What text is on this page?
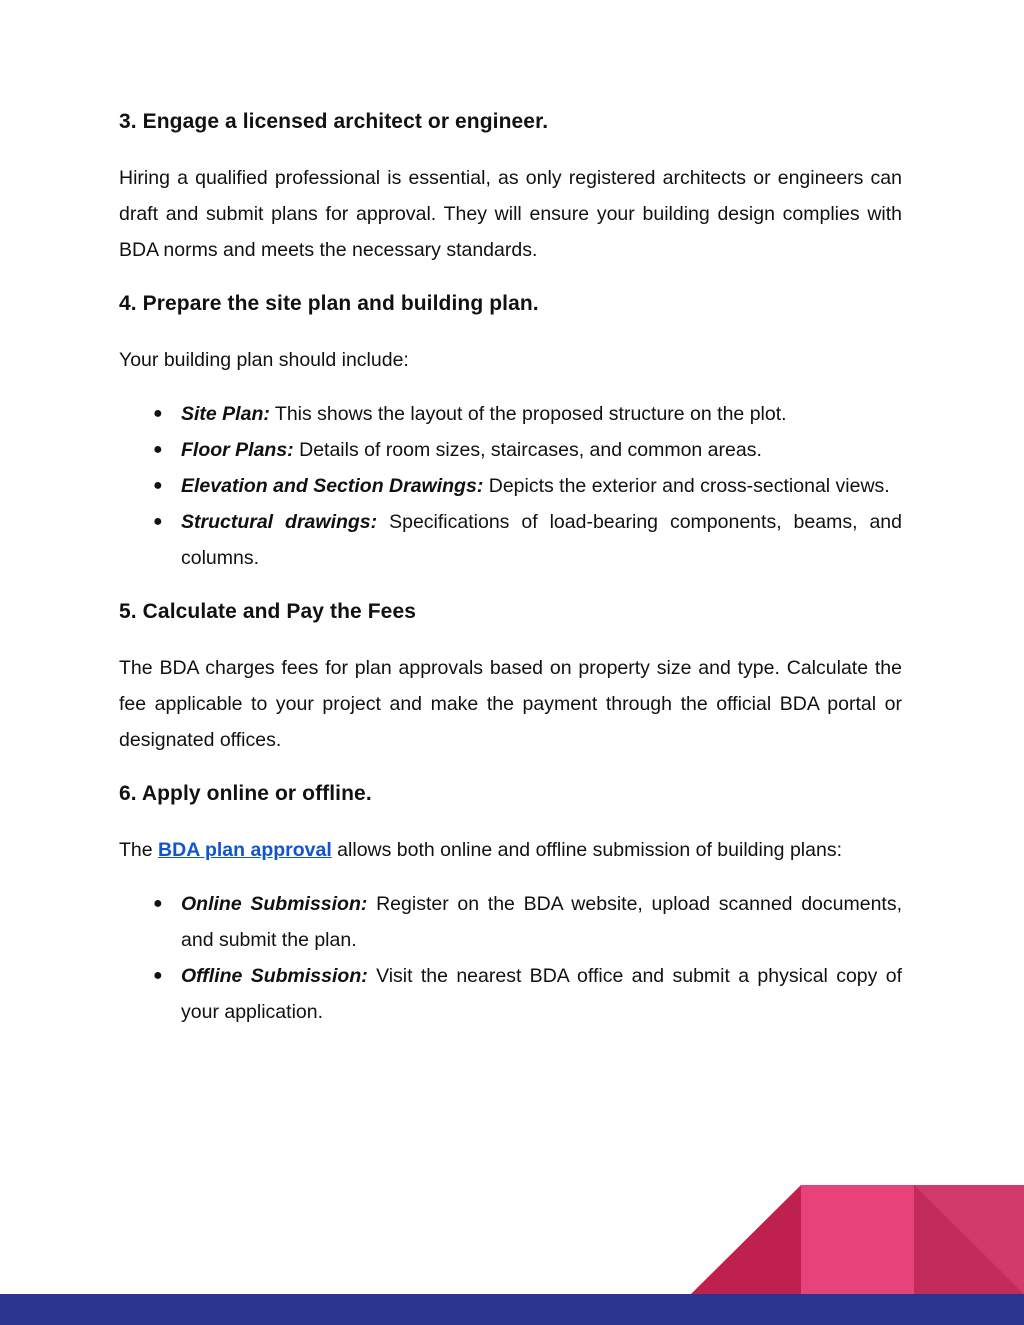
3. Engage a licensed architect or engineer.

Hiring a qualified professional is essential, as only registered architects or engineers can draft and submit plans for approval. They will ensure your building design complies with BDA norms and meets the necessary standards.

4. Prepare the site plan and building plan.

Your building plan should include:

● Site Plan: This shows the layout of the proposed structure on the plot.
● Floor Plans: Details of room sizes, staircases, and common areas.
● Elevation and Section Drawings: Depicts the exterior and cross-sectional views.
● Structural drawings: Specifications of load-bearing components, beams, and columns.
5. Calculate and Pay the Fees

The BDA charges fees for plan approvals based on property size and type. Calculate the fee applicable to your project and make the payment through the official BDA portal or designated offices.

6. Apply online or offline.

The BDA plan approval allows both online and offline submission of building plans:

● Online Submission: Register on the BDA website, upload scanned documents, and submit the plan.
● Offline Submission: Visit the nearest BDA office and submit a physical copy of your application.
